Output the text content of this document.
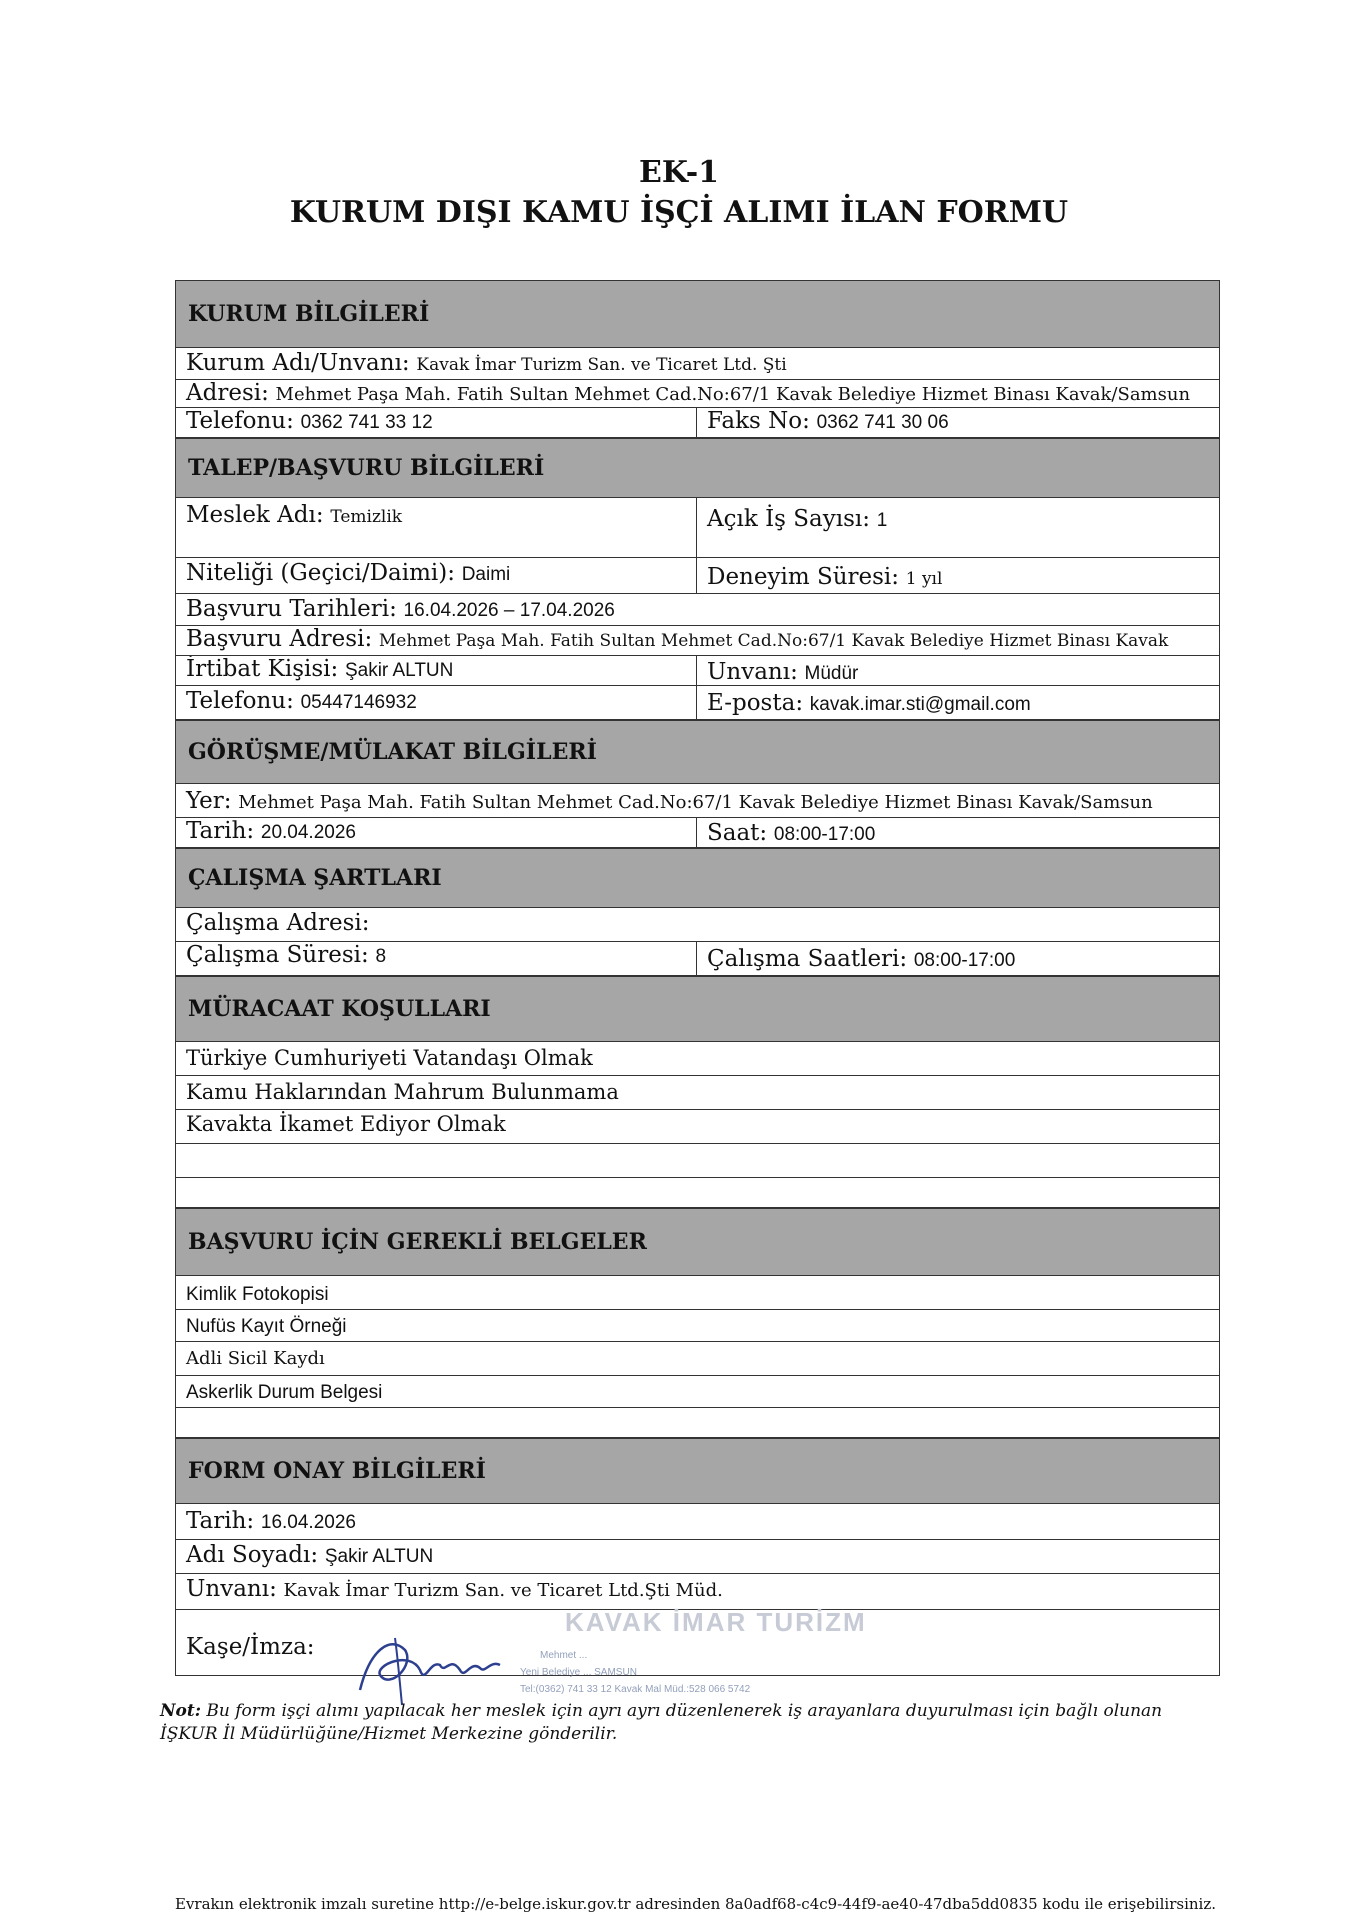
EK-1
KURUM DIŞI KAMU İŞÇİ ALIMI İLAN FORMU
KURUM BİLGİLERİ
Kurum Adı/Unvanı: Kavak İmar Turizm San. ve Ticaret Ltd. Şti
Adresi: Mehmet Paşa Mah. Fatih Sultan Mehmet Cad.No:67/1 Kavak Belediye Hizmet Binası Kavak/Samsun
Telefonu: 0362 741 33 12	Faks No: 0362 741 30 06
TALEP/BAŞVURU BİLGİLERİ
Meslek Adı: Temizlik	Açık İş Sayısı: 1
Niteliği (Geçici/Daimi): Daimi	Deneyim Süresi: 1 yıl
Başvuru Tarihleri: 16.04.2026 – 17.04.2026
Başvuru Adresi: Mehmet Paşa Mah. Fatih Sultan Mehmet Cad.No:67/1 Kavak Belediye Hizmet Binası Kavak
İrtibat Kişisi: Şakir ALTUN	Unvanı: Müdür
Telefonu: 05447146932	E-posta: kavak.imar.sti@gmail.com
GÖRÜŞME/MÜLAKAT BİLGİLERİ
Yer: Mehmet Paşa Mah. Fatih Sultan Mehmet Cad.No:67/1 Kavak Belediye Hizmet Binası Kavak/Samsun
Tarih: 20.04.2026	Saat: 08:00-17:00
ÇALIŞMA ŞARTLARI
Çalışma Adresi:
Çalışma Süresi: 8	Çalışma Saatleri: 08:00-17:00
MÜRACAAT KOŞULLARI
Türkiye Cumhuriyeti Vatandaşı Olmak
Kamu Haklarından Mahrum Bulunmama
Kavakta İkamet Ediyor Olmak
BAŞVURU İÇİN GEREKLİ BELGELER
Kimlik Fotokopisi
Nufüs Kayıt Örneği
Adli Sicil Kaydı
Askerlik Durum Belgesi
FORM ONAY BİLGİLERİ
Tarih: 16.04.2026
Adı Soyadı: Şakir ALTUN
Unvanı: Kavak İmar Turizm San. ve Ticaret Ltd.Şti Müd.
Kaşe/İmza:
KAVAK İMAR TURİZM
Mehmet ...
Yeni Belediye ... SAMSUN
Tel:(0362) 741 33 12 Kavak Mal Müd.:528 066 5742
Not: Bu form işçi alımı yapılacak her meslek için ayrı ayrı düzenlenerek iş arayanlara duyurulması için bağlı olunan İŞKUR İl Müdürlüğüne/Hizmet Merkezine gönderilir.
Evrakın elektronik imzalı suretine http://e-belge.iskur.gov.tr adresinden 8a0adf68-c4c9-44f9-ae40-47dba5dd0835 kodu ile erişebilirsiniz.
